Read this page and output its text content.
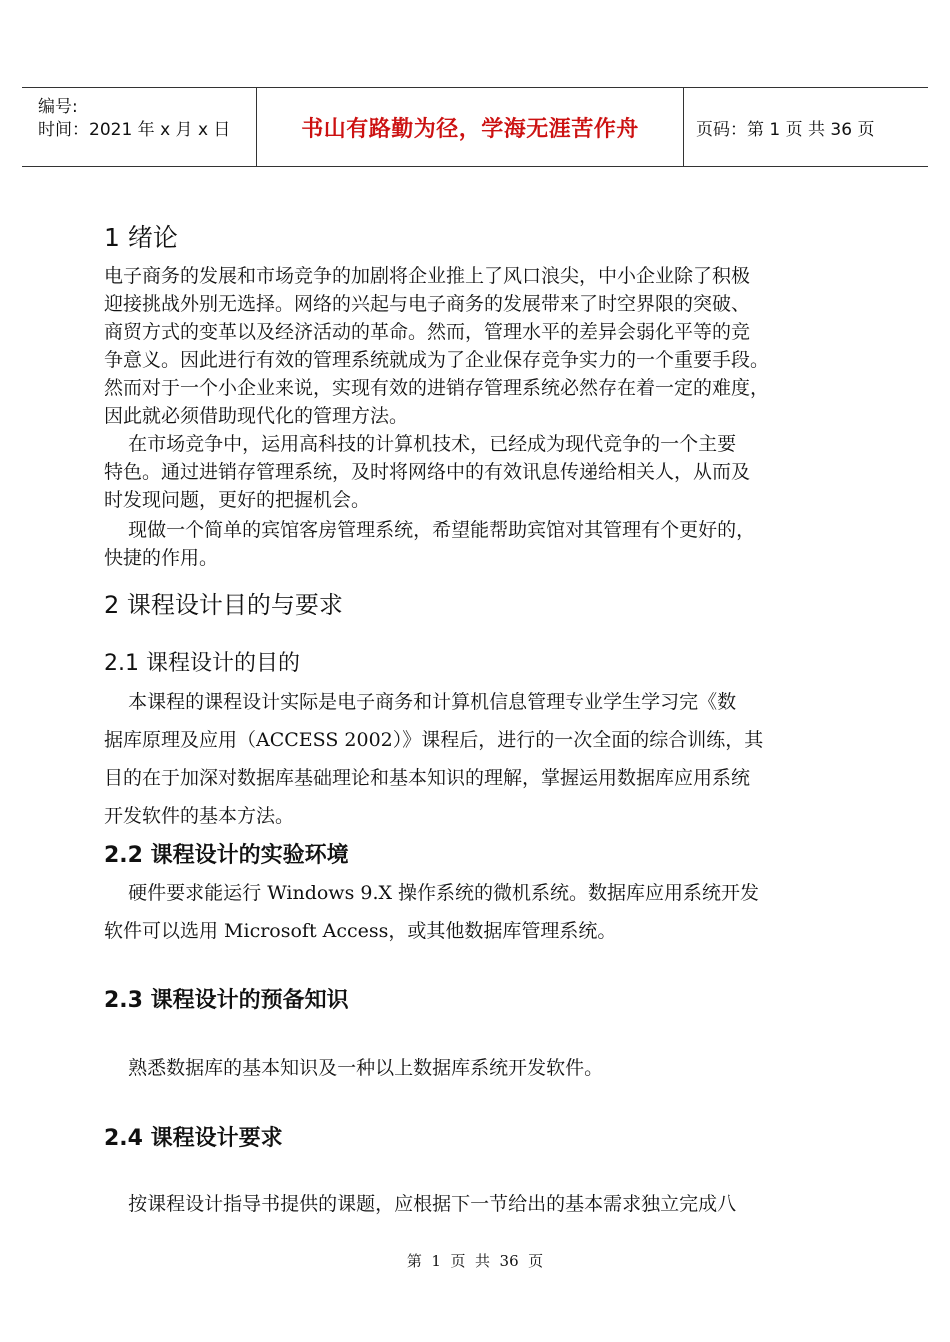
编号:
时间：2021 年 x 月 x 日	书山有路勤为径，学海无涯苦作舟	页码：第 1 页 共 36 页
1 绪论
电子商务的发展和市场竞争的加剧将企业推上了风口浪尖，中小企业除了积极
迎接挑战外别无选择。网络的兴起与电子商务的发展带来了时空界限的突破、
商贸方式的变革以及经济活动的革命。然而，管理水平的差异会弱化平等的竞
争意义。因此进行有效的管理系统就成为了企业保存竞争实力的一个重要手段。
然而对于一个小企业来说，实现有效的进销存管理系统必然存在着一定的难度，
因此就必须借助现代化的管理方法。
在市场竞争中，运用高科技的计算机技术，已经成为现代竞争的一个主要
特色。通过进销存管理系统，及时将网络中的有效讯息传递给相关人，从而及
时发现问题，更好的把握机会。
现做一个简单的宾馆客房管理系统，希望能帮助宾馆对其管理有个更好的，
快捷的作用。
2 课程设计目的与要求
2.1 课程设计的目的
本课程的课程设计实际是电子商务和计算机信息管理专业学生学习完《数
据库原理及应用（ACCESS 2002）》课程后，进行的一次全面的综合训练，其
目的在于加深对数据库基础理论和基本知识的理解，掌握运用数据库应用系统
开发软件的基本方法。
2.2 课程设计的实验环境
硬件要求能运行 Windows 9.X 操作系统的微机系统。数据库应用系统开发
软件可以选用 Microsoft Access，或其他数据库管理系统。
2.3 课程设计的预备知识
熟悉数据库的基本知识及一种以上数据库系统开发软件。
2.4 课程设计要求
按课程设计指导书提供的课题，应根据下一节给出的基本需求独立完成八
第  1  页  共  36  页
